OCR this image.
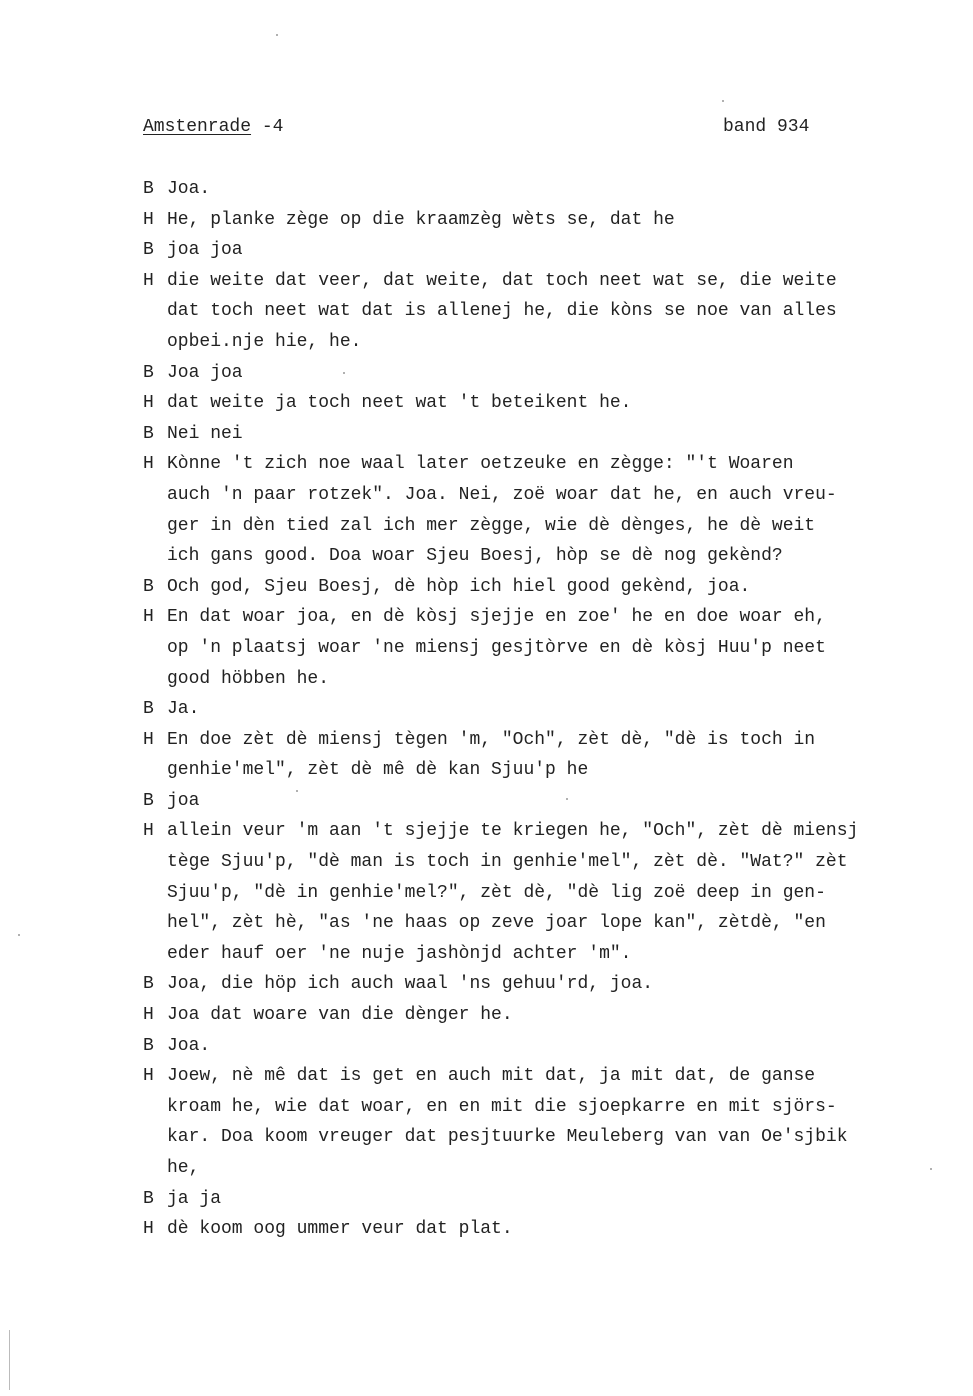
Amstenrade -4	band 934
B Joa.
H He, planke zège op die kraamzèg wèts se, dat he
B joa joa
H die weite dat veer, dat weite, dat toch neet wat se, die weite
dat toch neet wat dat is allenej he, die kòns se noe van alles
opbei.nje hie, he.
B Joa joa
H dat weite ja toch neet wat 't beteikent he.
B Nei nei
H Kònne 't zich noe waal later oetzeuke en zègge: "'t Woaren
auch 'n paar rotzek". Joa. Nei, zoë woar dat he, en auch vreu-
ger in dèn tied zal ich mer zègge, wie dè dènges, he dè weit
ich gans good. Doa woar Sjeu Boesj, hòp se dè nog gekènd?
B Och god, Sjeu Boesj, dè hòp ich hiel good gekènd, joa.
H En dat woar joa, en dè kòsj sjejje en zoe' he en doe woar eh,
op 'n plaatsj woar 'ne miensj gesjtòrve en dè kòsj Huu'p neet
good höbben he.
B Ja.
H En doe zèt dè miensj tègen 'm, "Och", zèt dè, "dè is toch in
genhie'mel", zèt dè mê dè kan Sjuu'p he
B joa
H allein veur 'm aan 't sjejje te kriegen he, "Och", zèt dè miensj
tège Sjuu'p, "dè man is toch in genhie'mel", zèt dè. "Wat?" zèt
Sjuu'p, "dè in genhie'mel?", zèt dè, "dè lig zoë deep in gen-
hel", zèt hè, "as 'ne haas op zeve joar lope kan", zètdè, "en
eder hauf oer 'ne nuje jashònjd achter 'm".
B Joa, die höp ich auch waal 'ns gehuu'rd, joa.
H Joa dat woare van die dènger he.
B Joa.
H Joew, nè mê dat is get en auch mit dat, ja mit dat, de ganse
kroam he, wie dat woar, en en mit die sjoepkarre en mit sjörs-
kar. Doa koom vreuger dat pesjtuurke Meuleberg van van Oe'sjbik
he,
B ja ja
H dè koom oog ummer veur dat plat.
